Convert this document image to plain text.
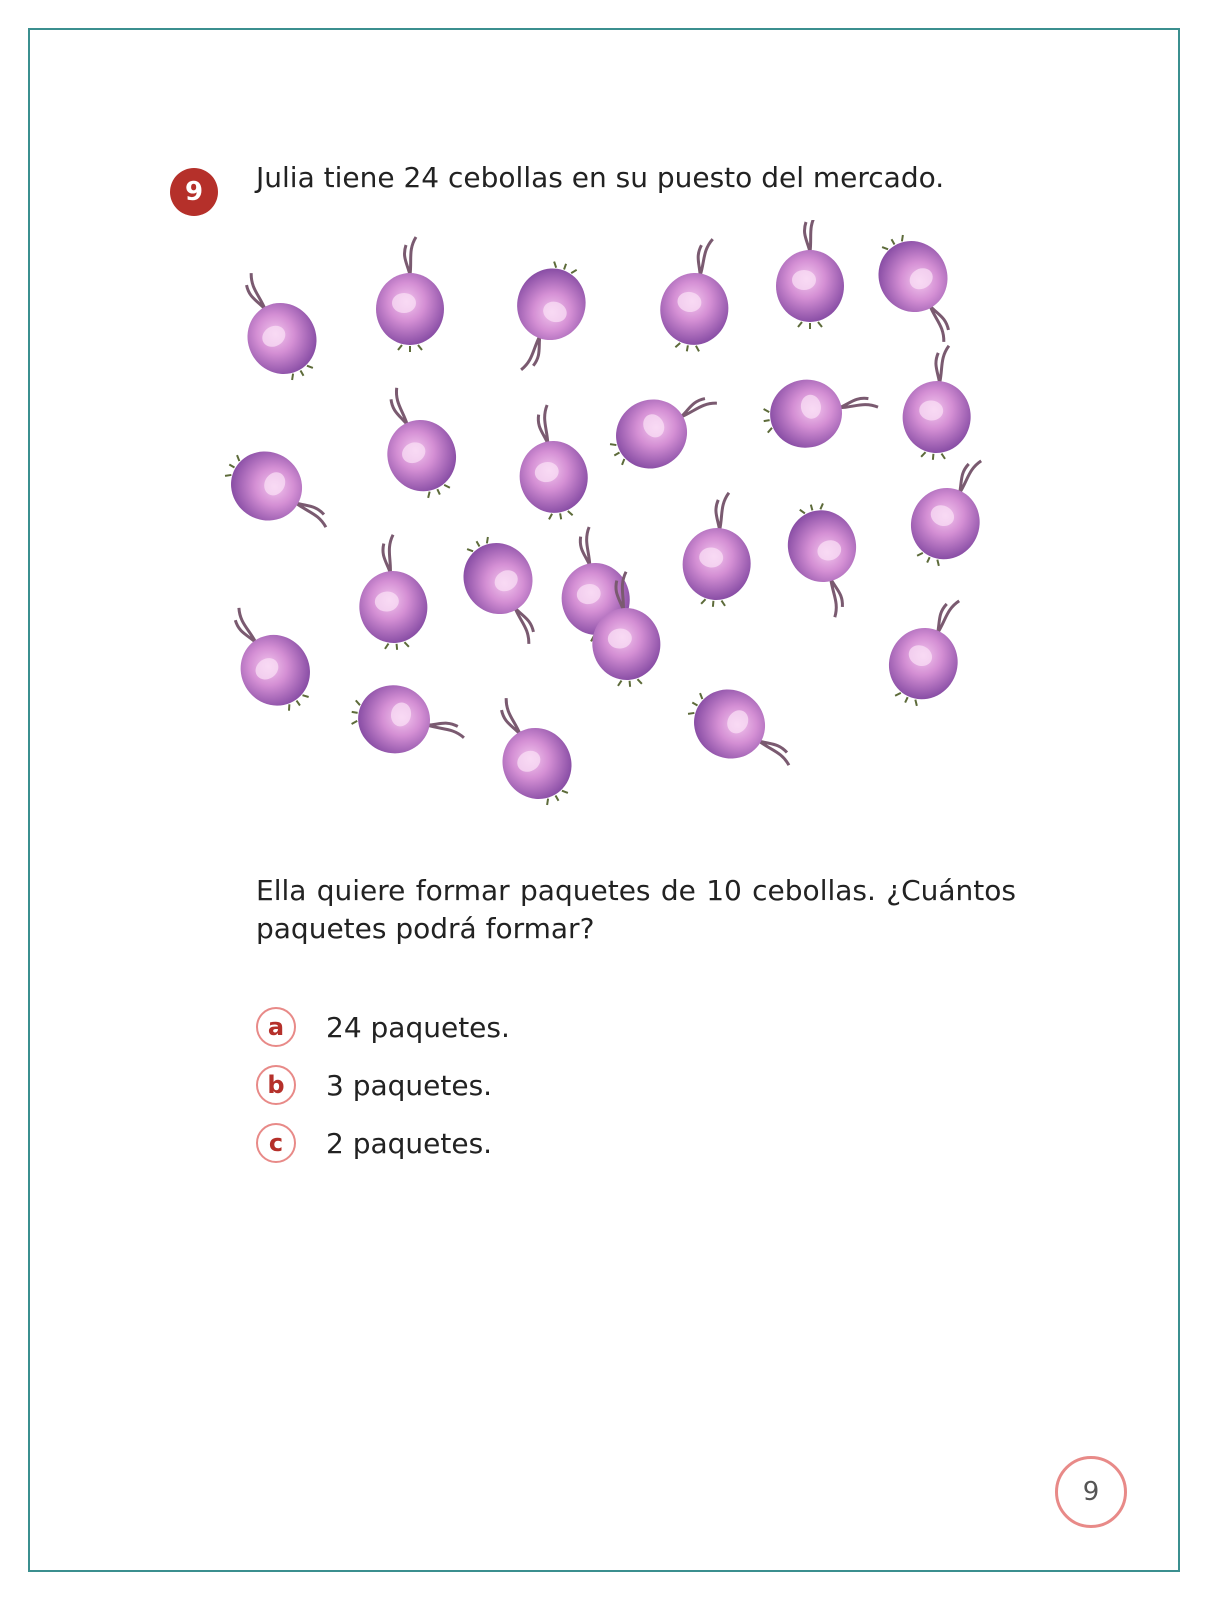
9	Julia tiene 24 cebollas en su puesto del mercado.
Ella quiere formar paquetes de 10 cebollas. ¿Cuántos paquetes podrá formar?
a	24 paquetes.
b	3 paquetes.
c	2 paquetes.
9
